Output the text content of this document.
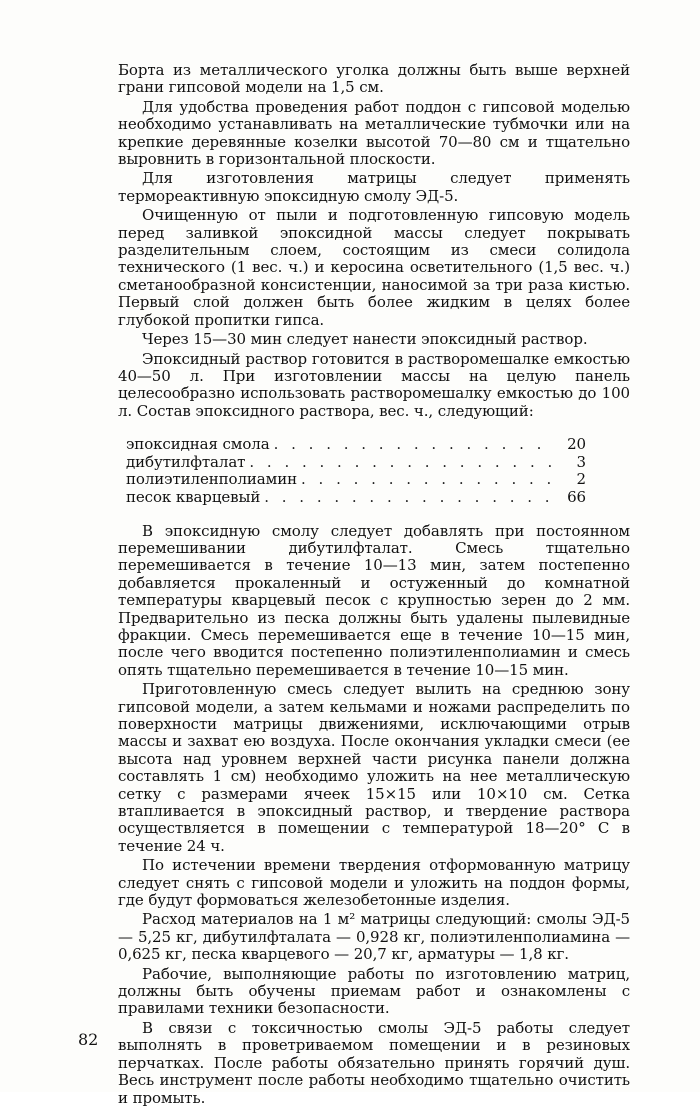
Борта из металлического уголка должны быть выше верхней грани гипсовой модели на 1,5 см.

Для удобства проведения работ поддон с гипсовой моделью необходимо устанавливать на металлические тубмочки или на крепкие деревянные козелки высотой 70—80 см и тщательно выровнить в горизонтальной плоскости.

Для изготовления матрицы следует применять термореактивную эпоксидную смолу ЭД-5.

Очищенную от пыли и подготовленную гипсовую модель перед заливкой эпоксидной массы следует покрывать разделительным слоем, состоящим из смеси солидола технического (1 вес. ч.) и керосина осветительного (1,5 вес. ч.) сметанообразной консистенции, наносимой за три раза кистью. Первый слой должен быть более жидким в целях более глубокой пропитки гипса.

Через 15—30 мин следует нанести эпоксидный раствор.

Эпоксидный раствор готовится в растворомешалке емкостью 40—50 л. При изготовлении массы на целую панель целесообразно использовать растворомешалку емкостью до 100 л. Состав эпоксидного раствора, вес. ч., следующий:

эпоксидная смола . . .	20
дибутилфталат . . .	3
полиэтиленполиамин . . .	2
песок кварцевый . . .	66

В эпоксидную смолу следует добавлять при постоянном перемешивании дибутилфталат. Смесь тщательно перемешивается в течение 10—13 мин, затем постепенно добавляется прокаленный и остуженный до комнатной температуры кварцевый песок с крупностью зерен до 2 мм. Предварительно из песка должны быть удалены пылевидные фракции. Смесь перемешивается еще в течение 10—15 мин, после чего вводится постепенно полиэтиленполиамин и смесь опять тщательно перемешивается в течение 10—15 мин.

Приготовленную смесь следует вылить на среднюю зону гипсовой модели, а затем кельмами и ножами распределить по поверхности матрицы движениями, исключающими отрыв массы и захват ею воздуха. После окончания укладки смеси (ее высота над уровнем верхней части рисунка панели должна составлять 1 см) необходимо уложить на нее металлическую сетку с размерами ячеек 15×15 или 10×10 см. Сетка втапливается в эпоксидный раствор, и твердение раствора осуществляется в помещении с температурой 18—20° С в течение 24 ч.

По истечении времени твердения отформованную матрицу следует снять с гипсовой модели и уложить на поддон формы, где будут формоваться железобетонные изделия.

Расход материалов на 1 м² матрицы следующий: смолы ЭД-5 — 5,25 кг, дибутилфталата — 0,928 кг, полиэтиленполиамина — 0,625 кг, песка кварцевого — 20,7 кг, арматуры — 1,8 кг.

Рабочие, выполняющие работы по изготовлению матриц, должны быть обучены приемам работ и ознакомлены с правилами техники безопасности.

В связи с токсичностью смолы ЭД-5 работы следует выполнять в проветриваемом помещении и в резиновых перчатках. После работы обязательно принять горячий душ. Весь инструмент после работы необходимо тщательно очистить и промыть.

82
